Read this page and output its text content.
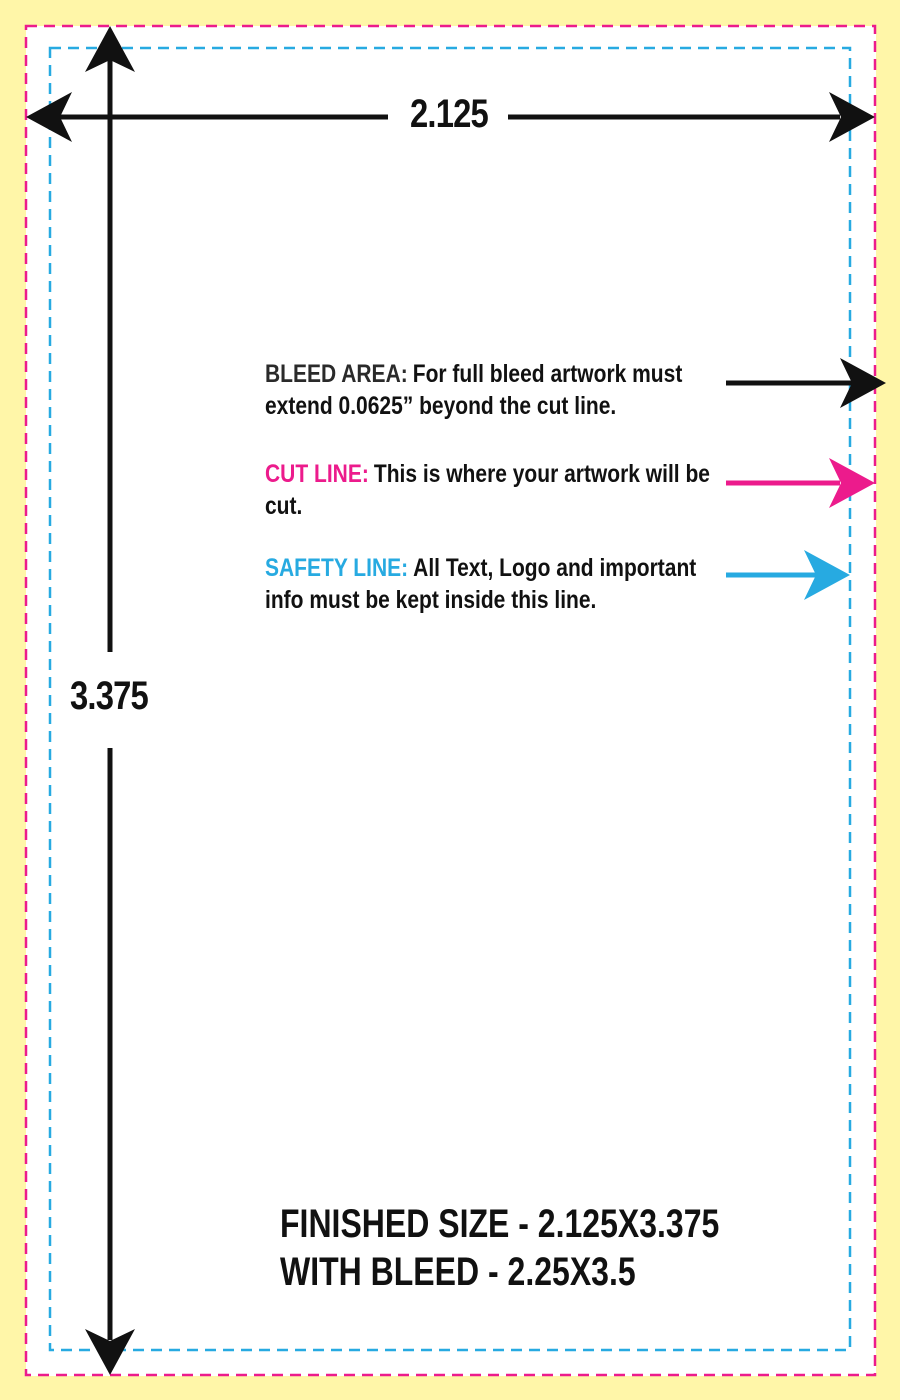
2.125
3.375
BLEED AREA: For full bleed artwork must extend 0.0625” beyond the cut line.
CUT LINE: This is where your artwork will be cut.
SAFETY LINE: All Text, Logo and important info must be kept inside this line.
FINISHED SIZE - 2.125X3.375
WITH BLEED - 2.25X3.5
